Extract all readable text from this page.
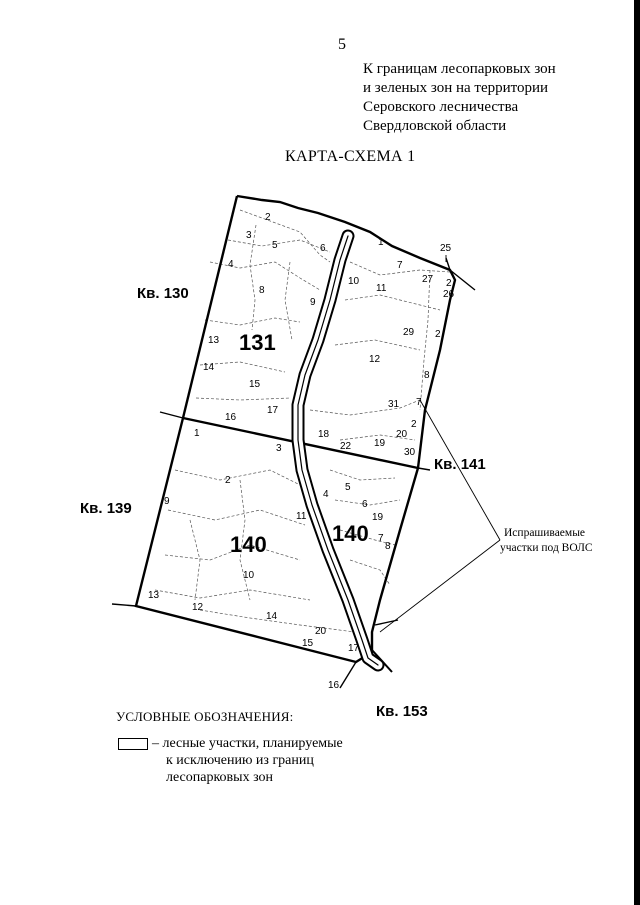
5
К границам лесопарковых зон
и зеленых зон на территории
Серовского лесничества
Свердловской области
КАРТА-СХЕМА 1
2
3
5	6
4
1
7
25
10
11
27 2
26
8
9
29 2
13
12
14
8
15
31
17
7
16
2
20
1
3
18
22 19
30
2
4
5
6
19
9
11
7
8
10
13
12
14
20
15	17
16
131
140	140
Кв. 130
Кв. 139
Кв. 141
Кв. 153
Испрашиваемые
участки под ВОЛС
УСЛОВНЫЕ ОБОЗНАЧЕНИЯ:
– лесные участки, планируемые
к исключению из границ
лесопарковых зон
